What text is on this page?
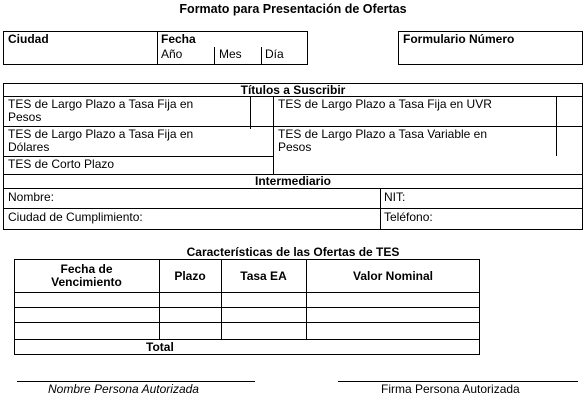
Formato para Presentación de Ofertas
Ciudad	Fecha
Año	Mes Día
Formulario Número
Títulos a Suscribir
TES de Largo Plazo a Tasa Fija en
Pesos
TES de Largo Plazo a Tasa Fija en UVR
TES de Largo Plazo a Tasa Fija en
Dólares
TES de Largo Plazo a Tasa Variable en
Pesos
TES de Corto Plazo
Intermediario
Nombre:	NIT:
Ciudad de Cumplimiento:	Teléfono:
Características de las Ofertas de TES
Fecha de
Vencimiento	Plazo	Tasa EA	Valor Nominal
Total
Nombre Persona Autorizada	Firma Persona Autorizada
